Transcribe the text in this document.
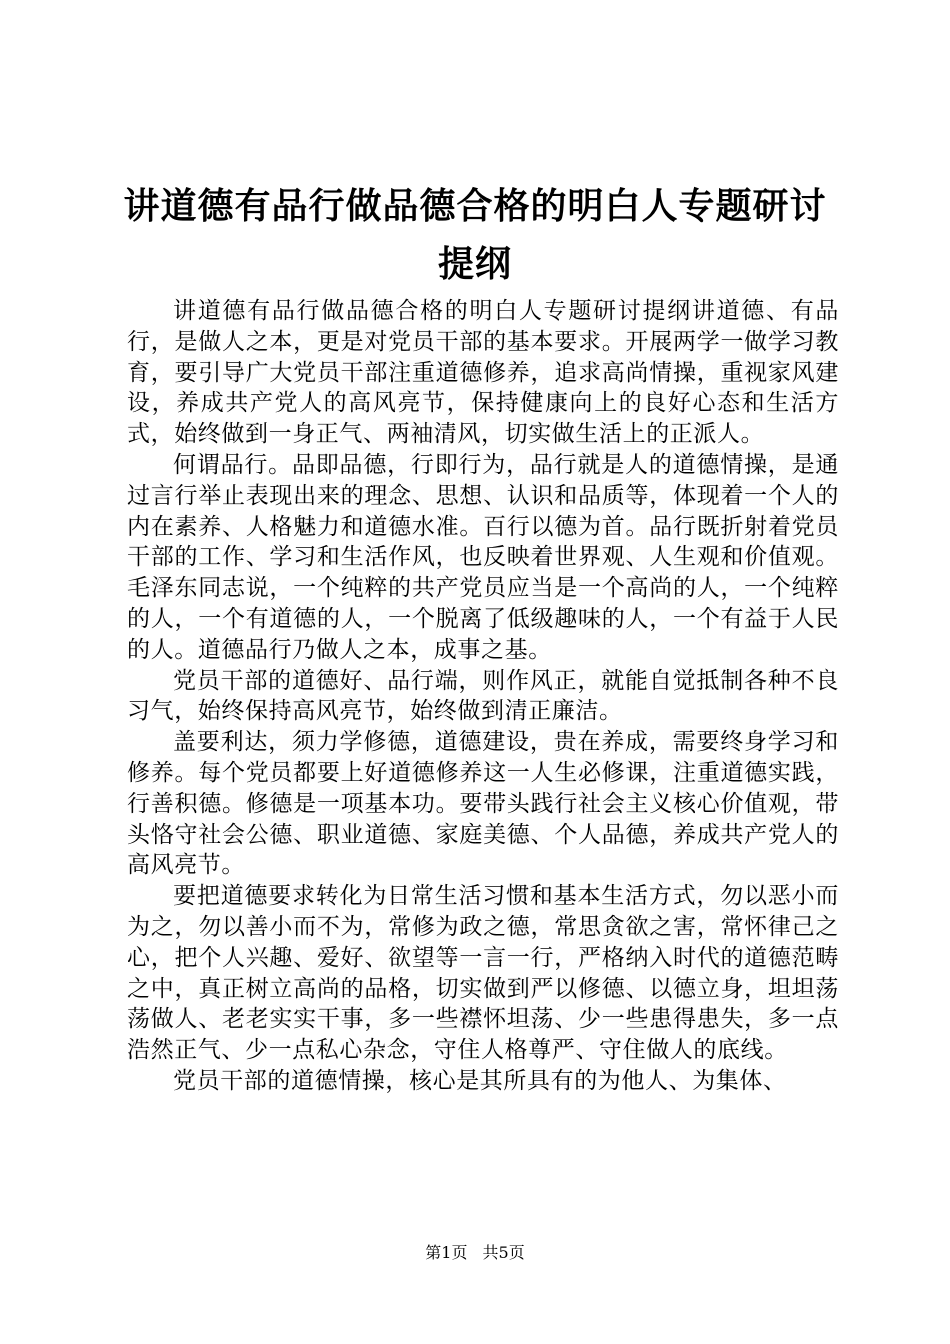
讲道德有品行做品德合格的明白人专题研讨提纲

讲道德有品行做品德合格的明白人专题研讨提纲讲道德、有品行，是做人之本，更是对党员干部的基本要求。开展两学一做学习教育，要引导广大党员干部注重道德修养，追求高尚情操，重视家风建设，养成共产党人的高风亮节，保持健康向上的良好心态和生活方式，始终做到一身正气、两袖清风，切实做生活上的正派人。

何谓品行。品即品德，行即行为，品行就是人的道德情操，是通过言行举止表现出来的理念、思想、认识和品质等，体现着一个人的内在素养、人格魅力和道德水准。百行以德为首。品行既折射着党员干部的工作、学习和生活作风，也反映着世界观、人生观和价值观。毛泽东同志说，一个纯粹的共产党员应当是一个高尚的人，一个纯粹的人，一个有道德的人，一个脱离了低级趣味的人，一个有益于人民的人。道德品行乃做人之本，成事之基。

党员干部的道德好、品行端，则作风正，就能自觉抵制各种不良习气，始终保持高风亮节，始终做到清正廉洁。

盖要利达，须力学修德，道德建设，贵在养成，需要终身学习和修养。每个党员都要上好道德修养这一人生必修课，注重道德实践，行善积德。修德是一项基本功。要带头践行社会主义核心价值观，带头恪守社会公德、职业道德、家庭美德、个人品德，养成共产党人的高风亮节。

要把道德要求转化为日常生活习惯和基本生活方式，勿以恶小而为之，勿以善小而不为，常修为政之德，常思贪欲之害，常怀律己之心，把个人兴趣、爱好、欲望等一言一行，严格纳入时代的道德范畴之中，真正树立高尚的品格，切实做到严以修德、以德立身，坦坦荡荡做人、老老实实干事，多一些襟怀坦荡、少一些患得患失，多一点浩然正气、少一点私心杂念，守住人格尊严、守住做人的底线。

党员干部的道德情操，核心是其所具有的为他人、为集体、

第1页 共5页
